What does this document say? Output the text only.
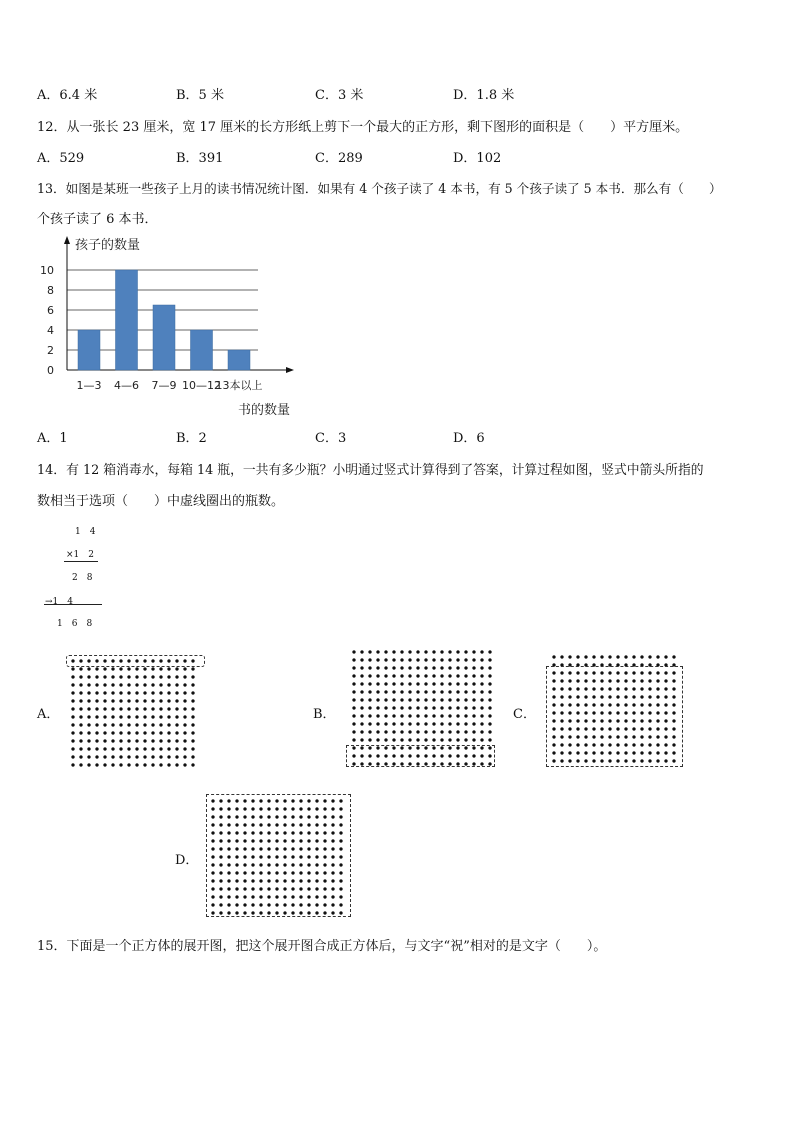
A．6.4 米	B．5 米	C．3 米	D．1.8 米
12．从一张长 23 厘米，宽 17 厘米的长方形纸上剪下一个最大的正方形，剩下图形的面积是（　　）平方厘米。
A．529	B．391	C．289	D．102
13．如图是某班一些孩子上月的读书情况统计图．如果有 4 个孩子读了 4 本书，有 5 个孩子读了 5 本书．那么有（　　）
个孩子读了 6 本书．
孩子的数量
书的数量
0
2
4
6
8
10
1—3 4—6 7—9 10—12
13本以上
A．1	B．2	C．3	D．6
14．有 12 箱消毒水，每箱 14 瓶，一共有多少瓶？小明通过竖式计算得到了答案，计算过程如图，竖式中箭头所指的
数相当于选项（　　）中虚线圈出的瓶数。
1　4
×1　2
2　8
→1　4
1　6　8
A．	B．	C．
D．
15．下面是一个正方体的展开图，把这个展开图合成正方体后，与文字“祝”相对的是文字（　　）。
